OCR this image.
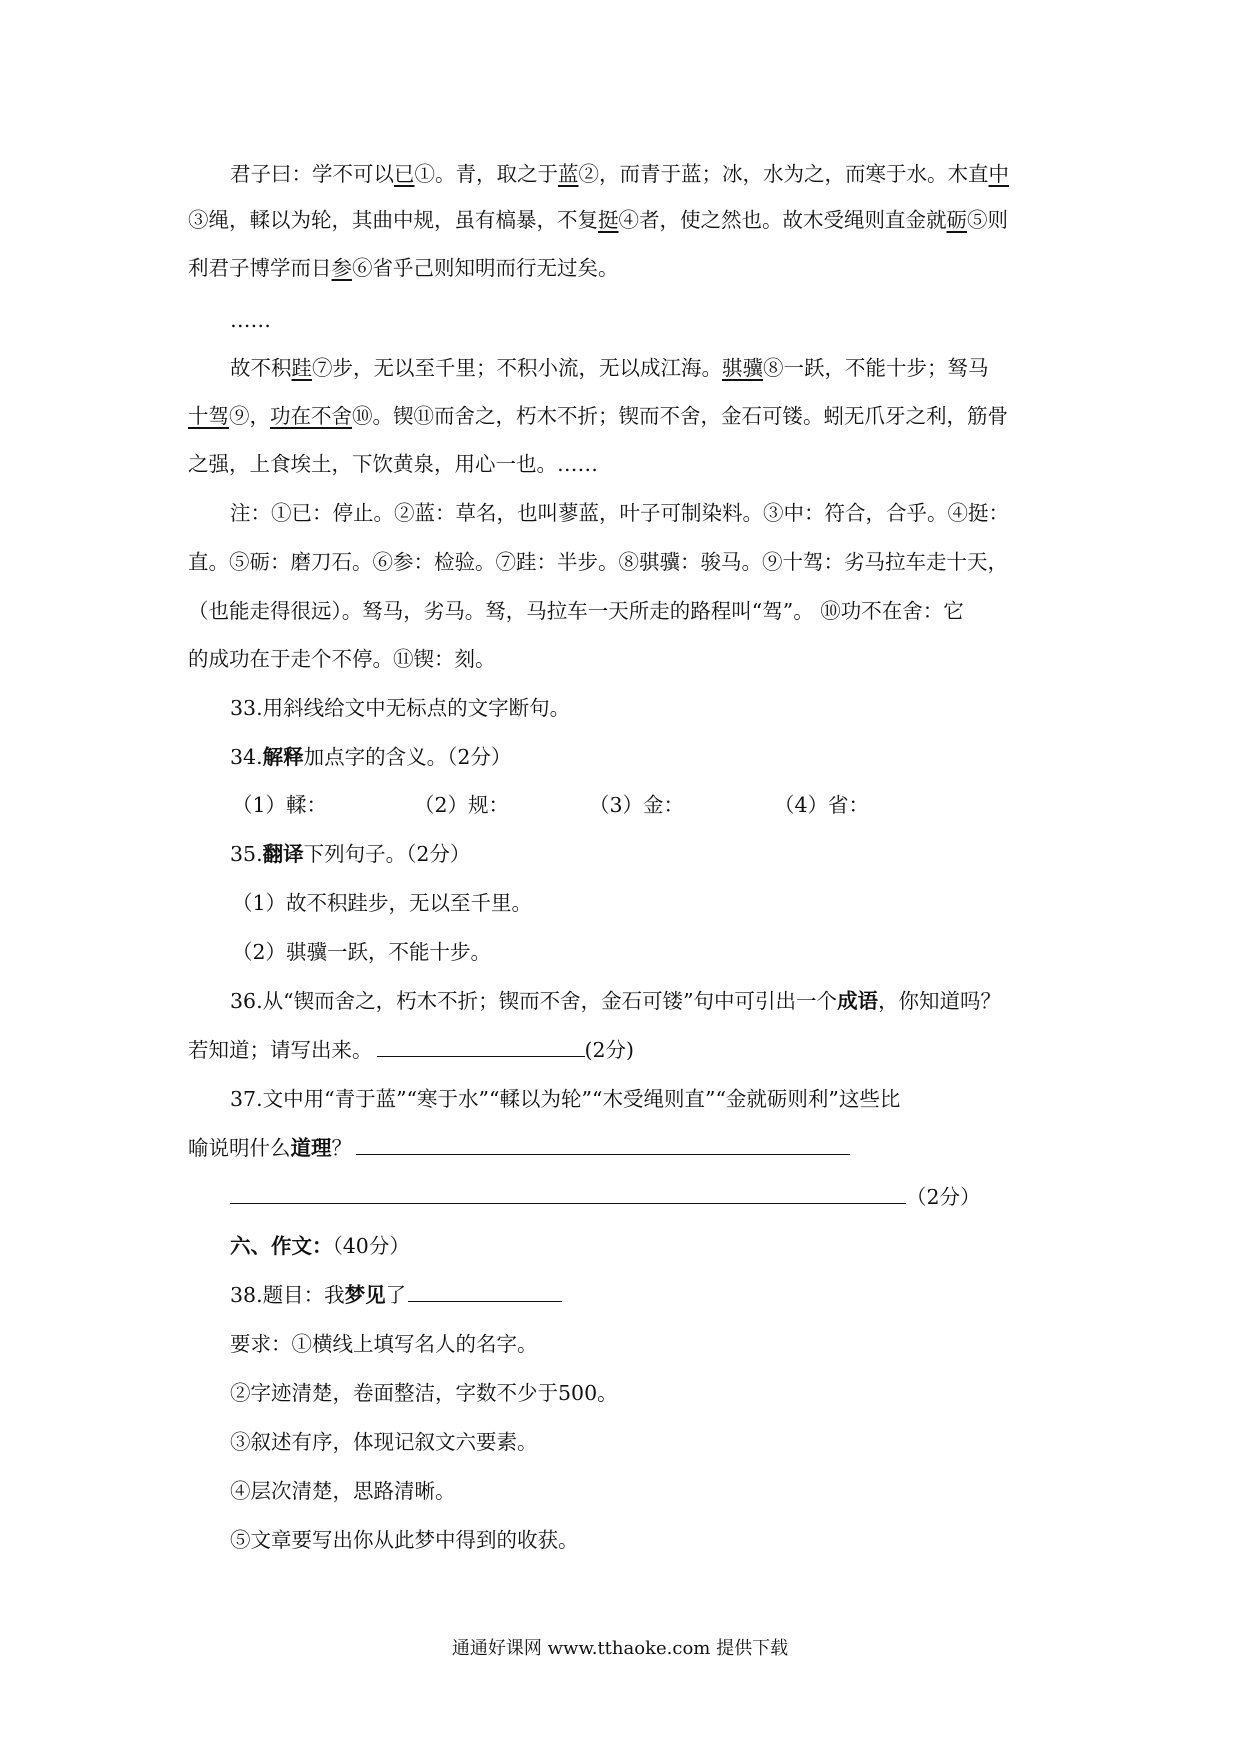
君子曰：学不可以已①。青，取之于蓝②，而青于蓝；冰，水为之，而寒于水。木直中
③绳，輮以为轮，其曲中规，虽有槁暴，不复挺④者，使之然也。故木受绳则直金就砺⑤则
利君子博学而日参⑥省乎己则知明而行无过矣。
……
故不积跬⑦步，无以至千里；不积小流，无以成江海。骐骥⑧一跃，不能十步；驽马
十驾⑨，功在不舍⑩。锲⑪而舍之，朽木不折；锲而不舍，金石可镂。蚓无爪牙之利，筋骨
之强，上食埃土，下饮黄泉，用心一也。……
注：①已：停止。②蓝：草名，也叫蓼蓝，叶子可制染料。③中：符合，合乎。④挺：
直。⑤砺：磨刀石。⑥参：检验。⑦跬：半步。⑧骐骥：骏马。⑨十驾：劣马拉车走十天，
（也能走得很远）。驽马，劣马。驽，马拉车一天所走的路程叫“驾”。 ⑩功不在舍：它
的成功在于走个不停。⑪锲：刻。
33.用斜线给文中无标点的文字断句。
34.解释加点字的含义。（2分）
（1）輮：	（2）规：	（3）金：	（4）省：
35.翻译下列句子。（2分）
（1）故不积跬步，无以至千里。
（2）骐骥一跃，不能十步。
36.从“锲而舍之，朽木不折；锲而不舍，金石可镂”句中可引出一个成语，你知道吗？
若知道；请写出来。	(2分)
37.文中用“青于蓝”“寒于水”“輮以为轮”“木受绳则直”“金就砺则利”这些比
喻说明什么道理？
（2分）
六、作文：（40分）
38.题目：我梦见了
要求：①横线上填写名人的名字。
②字迹清楚，卷面整洁，字数不少于500。
③叙述有序，体现记叙文六要素。
④层次清楚，思路清晰。
⑤文章要写出你从此梦中得到的收获。
通通好课网 www.tthaoke.com 提供下载
